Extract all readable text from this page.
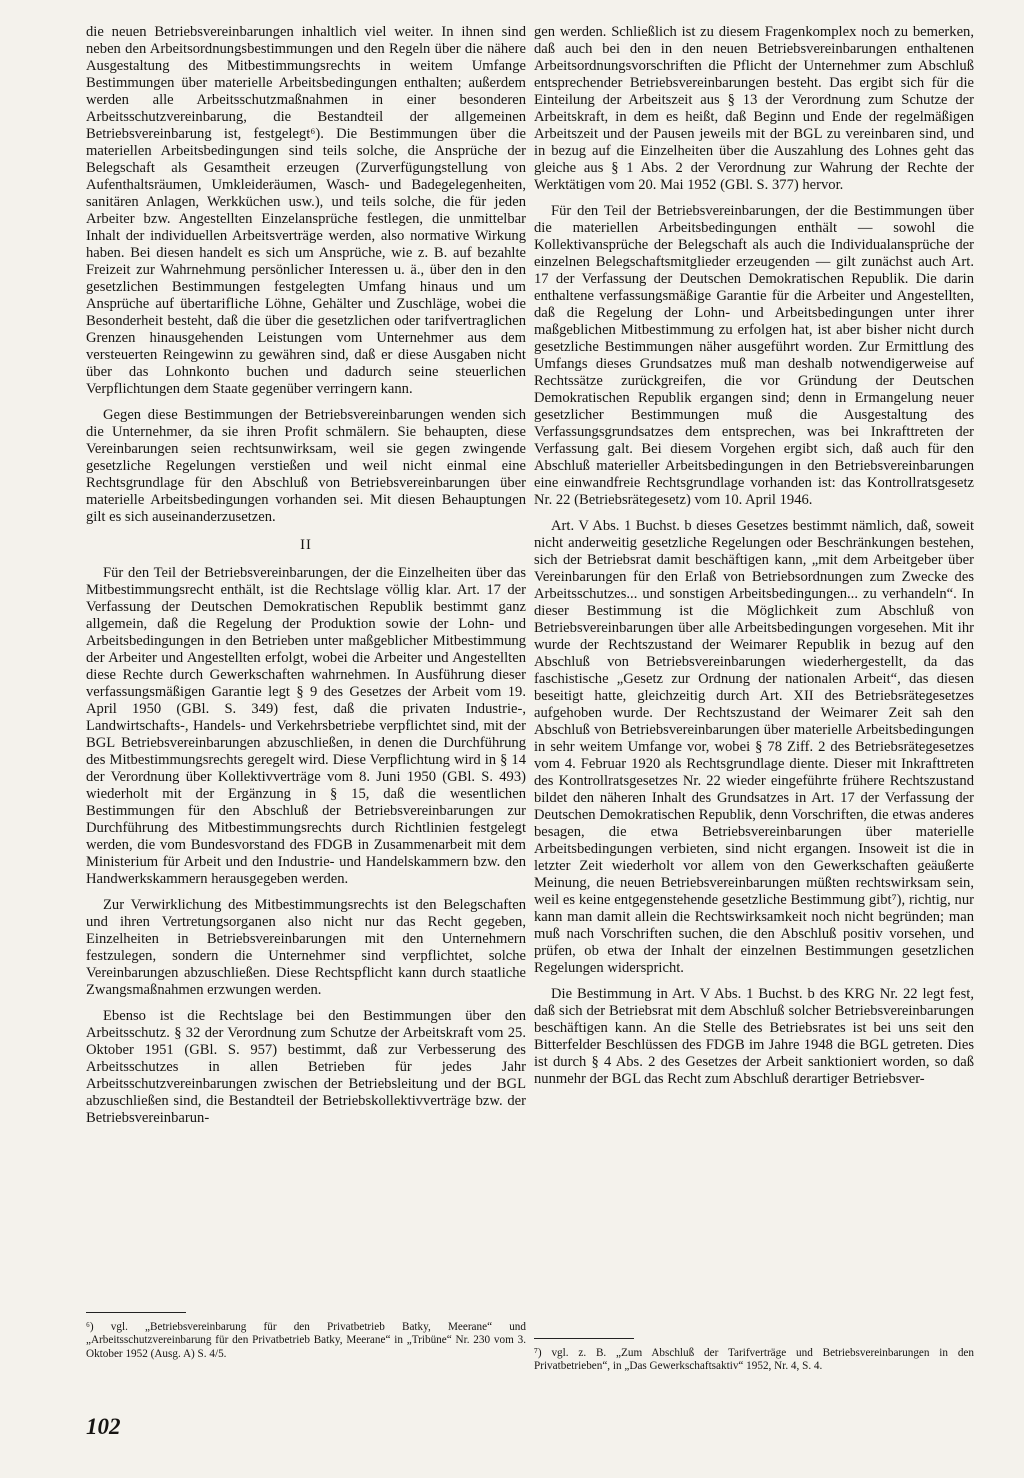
die neuen Betriebsvereinbarungen inhaltlich viel weiter. In ihnen sind neben den Arbeitsordnungsbestimmungen und den Regeln über die nähere Ausgestaltung des Mitbestimmungsrechts in weitem Umfange Bestimmungen über materielle Arbeitsbedingungen enthalten; außerdem werden alle Arbeitsschutzmaßnahmen in einer besonderen Arbeitsschutzvereinbarung, die Bestandteil der allgemeinen Betriebsvereinbarung ist, festgelegt⁶). Die Bestimmungen über die materiellen Arbeitsbedingungen sind teils solche, die Ansprüche der Belegschaft als Gesamtheit erzeugen (Zurverfügungstellung von Aufenthaltsräumen, Umkleideräumen, Wasch- und Badegelegenheiten, sanitären Anlagen, Werkküchen usw.), und teils solche, die für jeden Arbeiter bzw. Angestellten Einzelansprüche festlegen, die unmittelbar Inhalt der individuellen Arbeitsverträge werden, also normative Wirkung haben. Bei diesen handelt es sich um Ansprüche, wie z. B. auf bezahlte Freizeit zur Wahrnehmung persönlicher Interessen u. ä., über den in den gesetzlichen Bestimmungen festgelegten Umfang hinaus und um Ansprüche auf übertarifliche Löhne, Gehälter und Zuschläge, wobei die Besonderheit besteht, daß die über die gesetzlichen oder tarifvertraglichen Grenzen hinausgehenden Leistungen vom Unternehmer aus dem versteuerten Reingewinn zu gewähren sind, daß er diese Ausgaben nicht über das Lohnkonto buchen und dadurch seine steuerlichen Verpflichtungen dem Staate gegenüber verringern kann.

Gegen diese Bestimmungen der Betriebsvereinbarungen wenden sich die Unternehmer, da sie ihren Profit schmälern. Sie behaupten, diese Vereinbarungen seien rechtsunwirksam, weil sie gegen zwingende gesetzliche Regelungen verstießen und weil nicht einmal eine Rechtsgrundlage für den Abschluß von Betriebsvereinbarungen über materielle Arbeitsbedingungen vorhanden sei. Mit diesen Behauptungen gilt es sich auseinanderzusetzen.

II

Für den Teil der Betriebsvereinbarungen, der die Einzelheiten über das Mitbestimmungsrecht enthält, ist die Rechtslage völlig klar. Art. 17 der Verfassung der Deutschen Demokratischen Republik bestimmt ganz allgemein, daß die Regelung der Produktion sowie der Lohn- und Arbeitsbedingungen in den Betrieben unter maßgeblicher Mitbestimmung der Arbeiter und Angestellten erfolgt, wobei die Arbeiter und Angestellten diese Rechte durch Gewerkschaften wahrnehmen. In Ausführung dieser verfassungsmäßigen Garantie legt § 9 des Gesetzes der Arbeit vom 19. April 1950 (GBl. S. 349) fest, daß die privaten Industrie-, Landwirtschafts-, Handels- und Verkehrsbetriebe verpflichtet sind, mit der BGL Betriebsvereinbarungen abzuschließen, in denen die Durchführung des Mitbestimmungsrechts geregelt wird. Diese Verpflichtung wird in § 14 der Verordnung über Kollektivverträge vom 8. Juni 1950 (GBl. S. 493) wiederholt mit der Ergänzung in § 15, daß die wesentlichen Bestimmungen für den Abschluß der Betriebsvereinbarungen zur Durchführung des Mitbestimmungsrechts durch Richtlinien festgelegt werden, die vom Bundesvorstand des FDGB in Zusammenarbeit mit dem Ministerium für Arbeit und den Industrie- und Handelskammern bzw. den Handwerkskammern herausgegeben werden.

Zur Verwirklichung des Mitbestimmungsrechts ist den Belegschaften und ihren Vertretungsorganen also nicht nur das Recht gegeben, Einzelheiten in Betriebsvereinbarungen mit den Unternehmern festzulegen, sondern die Unternehmer sind verpflichtet, solche Vereinbarungen abzuschließen. Diese Rechtspflicht kann durch staatliche Zwangsmaßnahmen erzwungen werden.

Ebenso ist die Rechtslage bei den Bestimmungen über den Arbeitsschutz. § 32 der Verordnung zum Schutze der Arbeitskraft vom 25. Oktober 1951 (GBl. S. 957) bestimmt, daß zur Verbesserung des Arbeitsschutzes in allen Betrieben für jedes Jahr Arbeitsschutzvereinbarungen zwischen der Betriebsleitung und der BGL abzuschließen sind, die Bestandteil der Betriebskollektivverträge bzw. der Betriebsvereinbarun-

gen werden. Schließlich ist zu diesem Fragenkomplex noch zu bemerken, daß auch bei den in den neuen Betriebsvereinbarungen enthaltenen Arbeitsordnungsvorschriften die Pflicht der Unternehmer zum Abschluß entsprechender Betriebsvereinbarungen besteht. Das ergibt sich für die Einteilung der Arbeitszeit aus § 13 der Verordnung zum Schutze der Arbeitskraft, in dem es heißt, daß Beginn und Ende der regelmäßigen Arbeitszeit und der Pausen jeweils mit der BGL zu vereinbaren sind, und in bezug auf die Einzelheiten über die Auszahlung des Lohnes geht das gleiche aus § 1 Abs. 2 der Verordnung zur Wahrung der Rechte der Werktätigen vom 20. Mai 1952 (GBl. S. 377) hervor.

Für den Teil der Betriebsvereinbarungen, der die Bestimmungen über die materiellen Arbeitsbedingungen enthält — sowohl die Kollektivansprüche der Belegschaft als auch die Individualansprüche der einzelnen Belegschaftsmitglieder erzeugenden — gilt zunächst auch Art. 17 der Verfassung der Deutschen Demokratischen Republik. Die darin enthaltene verfassungsmäßige Garantie für die Arbeiter und Angestellten, daß die Regelung der Lohn- und Arbeitsbedingungen unter ihrer maßgeblichen Mitbestimmung zu erfolgen hat, ist aber bisher nicht durch gesetzliche Bestimmungen näher ausgeführt worden. Zur Ermittlung des Umfangs dieses Grundsatzes muß man deshalb notwendigerweise auf Rechtssätze zurückgreifen, die vor Gründung der Deutschen Demokratischen Republik ergangen sind; denn in Ermangelung neuer gesetzlicher Bestimmungen muß die Ausgestaltung des Verfassungsgrundsatzes dem entsprechen, was bei Inkrafttreten der Verfassung galt. Bei diesem Vorgehen ergibt sich, daß auch für den Abschluß materieller Arbeitsbedingungen in den Betriebsvereinbarungen eine einwandfreie Rechtsgrundlage vorhanden ist: das Kontrollratsgesetz Nr. 22 (Betriebsrätegesetz) vom 10. April 1946.

Art. V Abs. 1 Buchst. b dieses Gesetzes bestimmt nämlich, daß, soweit nicht anderweitig gesetzliche Regelungen oder Beschränkungen bestehen, sich der Betriebsrat damit beschäftigen kann, „mit dem Arbeitgeber über Vereinbarungen für den Erlaß von Betriebsordnungen zum Zwecke des Arbeitsschutzes... und sonstigen Arbeitsbedingungen... zu verhandeln“. In dieser Bestimmung ist die Möglichkeit zum Abschluß von Betriebsvereinbarungen über alle Arbeitsbedingungen vorgesehen. Mit ihr wurde der Rechtszustand der Weimarer Republik in bezug auf den Abschluß von Betriebsvereinbarungen wiederhergestellt, da das faschistische „Gesetz zur Ordnung der nationalen Arbeit“, das diesen beseitigt hatte, gleichzeitig durch Art. XII des Betriebsrätegesetzes aufgehoben wurde. Der Rechtszustand der Weimarer Zeit sah den Abschluß von Betriebsvereinbarungen über materielle Arbeitsbedingungen in sehr weitem Umfange vor, wobei § 78 Ziff. 2 des Betriebsrätegesetzes vom 4. Februar 1920 als Rechtsgrundlage diente. Dieser mit Inkrafttreten des Kontrollratsgesetzes Nr. 22 wieder eingeführte frühere Rechtszustand bildet den näheren Inhalt des Grundsatzes in Art. 17 der Verfassung der Deutschen Demokratischen Republik, denn Vorschriften, die etwas anderes besagen, die etwa Betriebsvereinbarungen über materielle Arbeitsbedingungen verbieten, sind nicht ergangen. Insoweit ist die in letzter Zeit wiederholt vor allem von den Gewerkschaften geäußerte Meinung, die neuen Betriebsvereinbarungen müßten rechtswirksam sein, weil es keine entgegenstehende gesetzliche Bestimmung gibt⁷), richtig, nur kann man damit allein die Rechtswirksamkeit noch nicht begründen; man muß nach Vorschriften suchen, die den Abschluß positiv vorsehen, und prüfen, ob etwa der Inhalt der einzelnen Bestimmungen gesetzlichen Regelungen widerspricht.

Die Bestimmung in Art. V Abs. 1 Buchst. b des KRG Nr. 22 legt fest, daß sich der Betriebsrat mit dem Abschluß solcher Betriebsvereinbarungen beschäftigen kann. An die Stelle des Betriebsrates ist bei uns seit den Bitterfelder Beschlüssen des FDGB im Jahre 1948 die BGL getreten. Dies ist durch § 4 Abs. 2 des Gesetzes der Arbeit sanktioniert worden, so daß nunmehr der BGL das Recht zum Abschluß derartiger Betriebsver-

⁶) vgl. „Betriebsvereinbarung für den Privatbetrieb Batky, Meerane“ und „Arbeitsschutzvereinbarung für den Privatbetrieb Batky, Meerane“ in „Tribüne“ Nr. 230 vom 3. Oktober 1952 (Ausg. A) S. 4/5.	⁷) vgl. z. B. „Zum Abschluß der Tarifverträge und Betriebsvereinbarungen in den Privatbetrieben“, in „Das Gewerkschaftsaktiv“ 1952, Nr. 4, S. 4.
102
